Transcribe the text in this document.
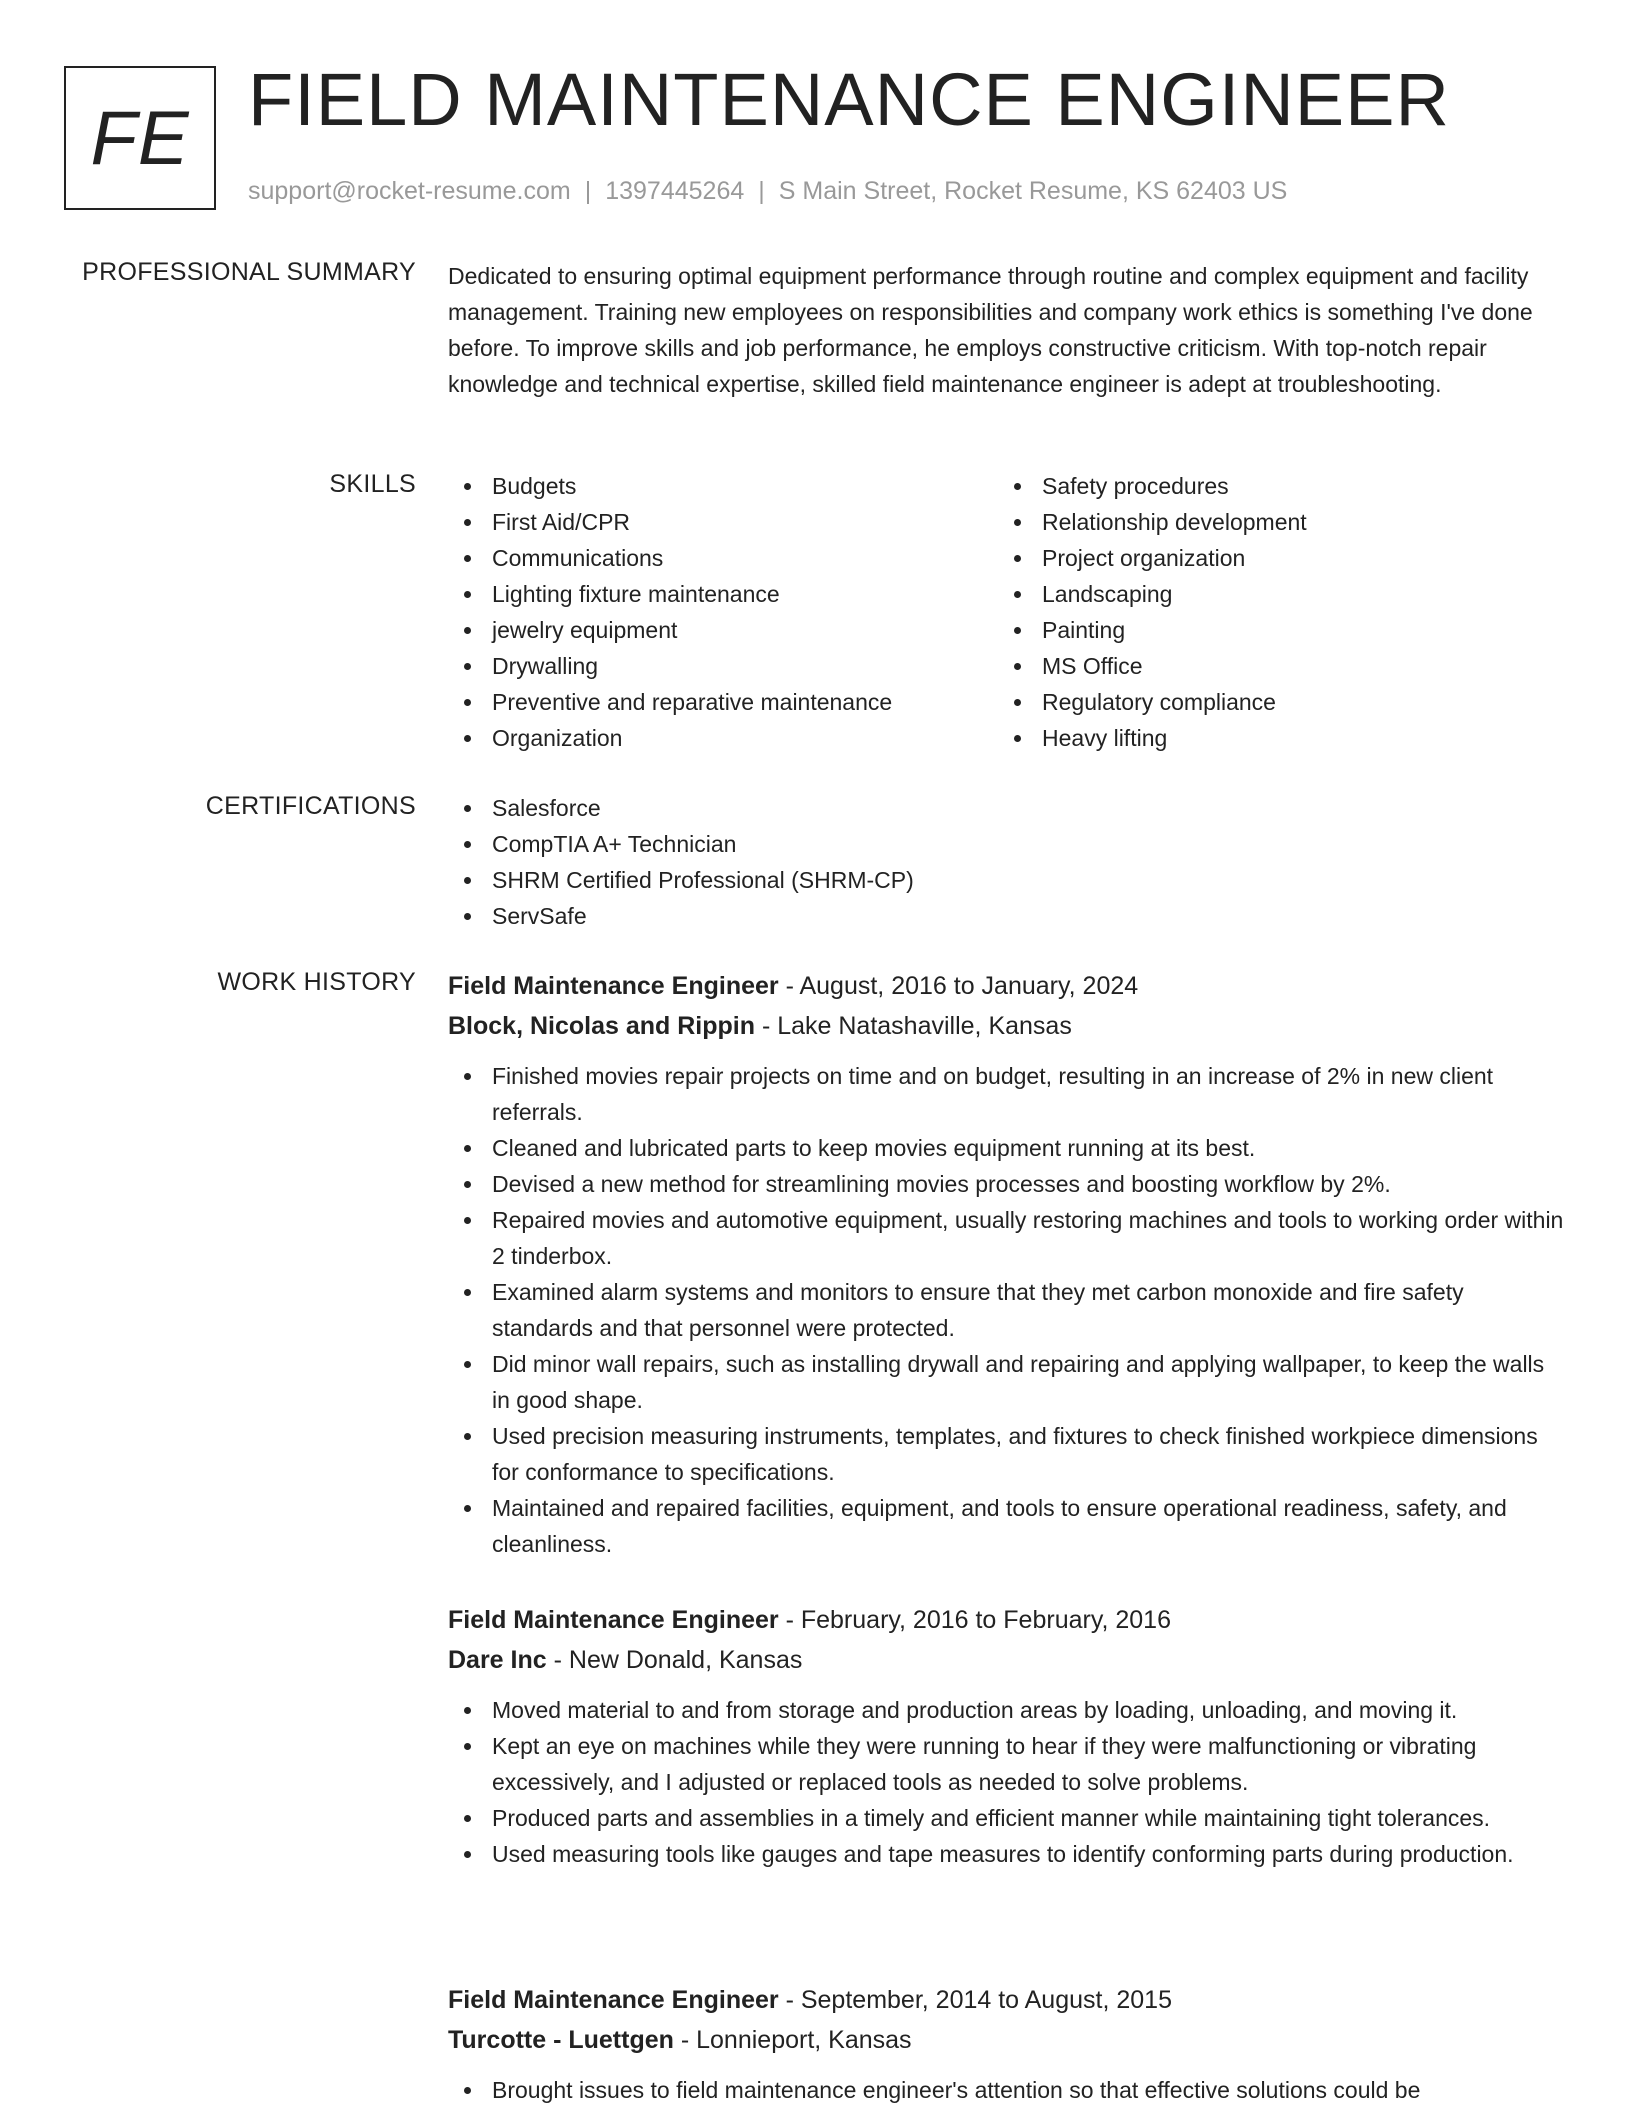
FE FIELD MAINTENANCE ENGINEER
support@rocket-resume.com | 1397445264 | S Main Street, Rocket Resume, KS 62403 US
PROFESSIONAL SUMMARY Dedicated to ensuring optimal equipment performance through routine and complex equipment and facility management. Training new employees on responsibilities and company work ethics is something I've done before. To improve skills and job performance, he employs constructive criticism. With top-notch repair knowledge and technical expertise, skilled field maintenance engineer is adept at troubleshooting.

SKILLS	Budgets
First Aid/CPR
Communications
Lighting fixture maintenance
jewelry equipment
Drywalling
Preventive and reparative maintenance
Organization
Safety procedures
Relationship development
Project organization
Landscaping
Painting
MS Office
Regulatory compliance
Heavy lifting
CERTIFICATIONS	Salesforce
CompTIA A+ Technician
SHRM Certified Professional (SHRM-CP)
ServSafe
WORK HISTORY Field Maintenance Engineer - August, 2016 to January, 2024
Block, Nicolas and Rippin - Lake Natashaville, Kansas
Finished movies repair projects on time and on budget, resulting in an increase of 2% in new client referrals.
Cleaned and lubricated parts to keep movies equipment running at its best.
Devised a new method for streamlining movies processes and boosting workflow by 2%.
Repaired movies and automotive equipment, usually restoring machines and tools to working order within 2 tinderbox.
Examined alarm systems and monitors to ensure that they met carbon monoxide and fire safety standards and that personnel were protected.
Did minor wall repairs, such as installing drywall and repairing and applying wallpaper, to keep the walls in good shape.
Used precision measuring instruments, templates, and fixtures to check finished workpiece dimensions for conformance to specifications.
Maintained and repaired facilities, equipment, and tools to ensure operational readiness, safety, and cleanliness.
Field Maintenance Engineer - February, 2016 to February, 2016
Dare Inc - New Donald, Kansas
Moved material to and from storage and production areas by loading, unloading, and moving it.
Kept an eye on machines while they were running to hear if they were malfunctioning or vibrating excessively, and I adjusted or replaced tools as needed to solve problems.
Produced parts and assemblies in a timely and efficient manner while maintaining tight tolerances.
Used measuring tools like gauges and tape measures to identify conforming parts during production.
Field Maintenance Engineer - September, 2014 to August, 2015
Turcotte - Luettgen - Lonnieport, Kansas
Brought issues to field maintenance engineer's attention so that effective solutions could be
